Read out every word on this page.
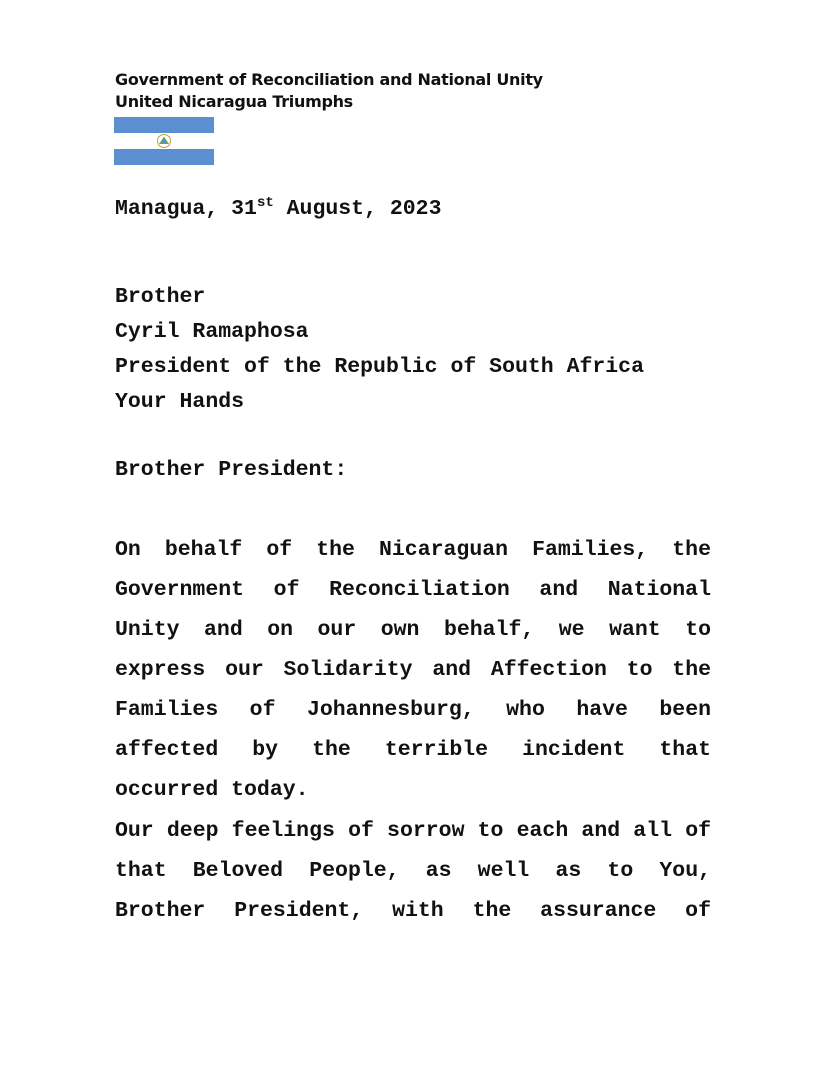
Government of Reconciliation and National Unity
United Nicaragua Triumphs
Managua, 31st August, 2023
Brother
Cyril Ramaphosa
President of the Republic of South Africa
Your Hands
Brother President:
On behalf of the Nicaraguan Families, the Government of Reconciliation and National Unity and on our own behalf, we want to express our Solidarity and Affection to the Families of Johannesburg, who have been affected by the terrible incident that occurred today.
Our deep feelings of sorrow to each and all of that Beloved People, as well as to You, Brother President, with the assurance of
